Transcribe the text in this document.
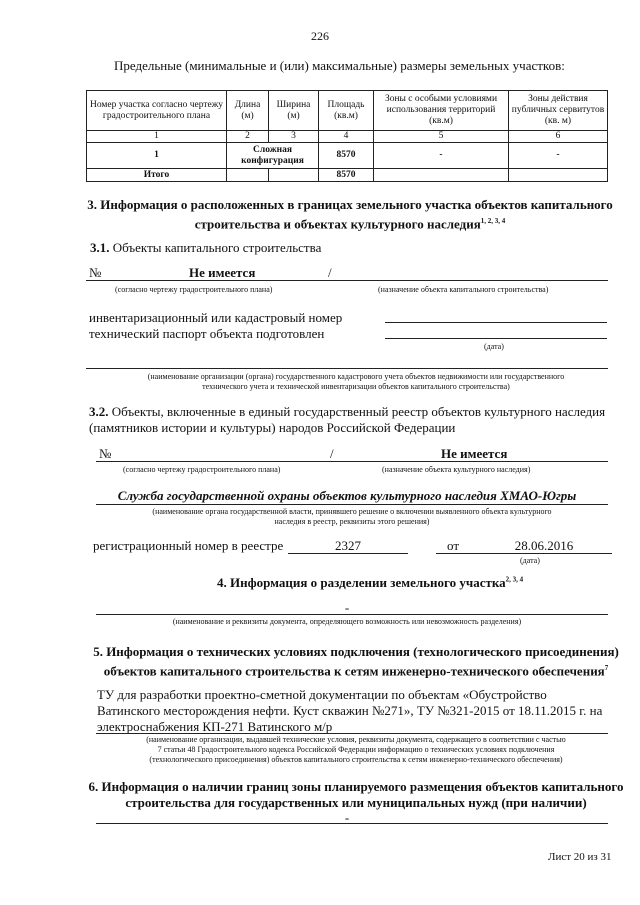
226
Предельные (минимальные и (или) максимальные) размеры земельных участков:
Номер участка согласно чертежу градостроительного плана	Длина (м)	Ширина (м)	Площадь (кв.м)	Зоны с особыми условиями использования территорий (кв.м)	Зоны действия публичных сервитутов (кв. м)
1	2	3	4	5	6
1	Сложная конфигурация		8570	-	-
Итого			8570		
3. Информация о расположенных в границах земельного участка объектов капитального
строительства и объектах культурного наследия$^{1, 2, 3, 4}$
3.1. Объекты капитального строительства
№	Не имеется	/
(согласно чертежу градостроительного плана)	(назначение объекта капитального строительства)
инвентаризационный или кадастровый номер
технический паспорт объекта подготовлен
(дата)
(наименование организации (органа) государственного кадастрового учета объектов недвижимости или государственного
технического учета и технической инвентаризации объектов капитального строительства)
3.2. Объекты, включенные в единый государственный реестр объектов культурного наследия
(памятников истории и культуры) народов Российской Федерации
№	/	Не имеется
(согласно чертежу градостроительного плана)	(назначение объекта культурного наследия)
Служба государственной охраны объектов культурного наследия ХМАО-Югры
(наименование органа государственной власти, принявшего решение о включении выявленного объекта культурного
наследия в реестр, реквизиты этого решения)
регистрационный номер в реестре	2327	от	28.06.2016
(дата)
4. Информация о разделении земельного участка$^{2, 3, 4}$
-
(наименование и реквизиты документа, определяющего возможность или невозможность разделения)
5. Информация о технических условиях подключения (технологического присоединения)
объектов капитального строительства к сетям инженерно-технического обеспечения$^7$
ТУ для разработки проектно-сметной документации по объектам «Обустройство
Ватинского месторождения нефти. Куст скважин №271», ТУ №321-2015 от 18.11.2015 г. на
электроснабжения КП-271 Ватинского м/р
(наименование организации, выдавшей технические условия, реквизиты документа, содержащего в соответствии с частью
7 статьи 48 Градостроительного кодекса Российской Федерации информацию о технических условиях подключения
(технологического присоединения) объектов капитального строительства к сетям инженерно-технического обеспечения)
6. Информация о наличии границ зоны планируемого размещения объектов капитального
строительства для государственных или муниципальных нужд (при наличии)
-
Лист 20 из 31
